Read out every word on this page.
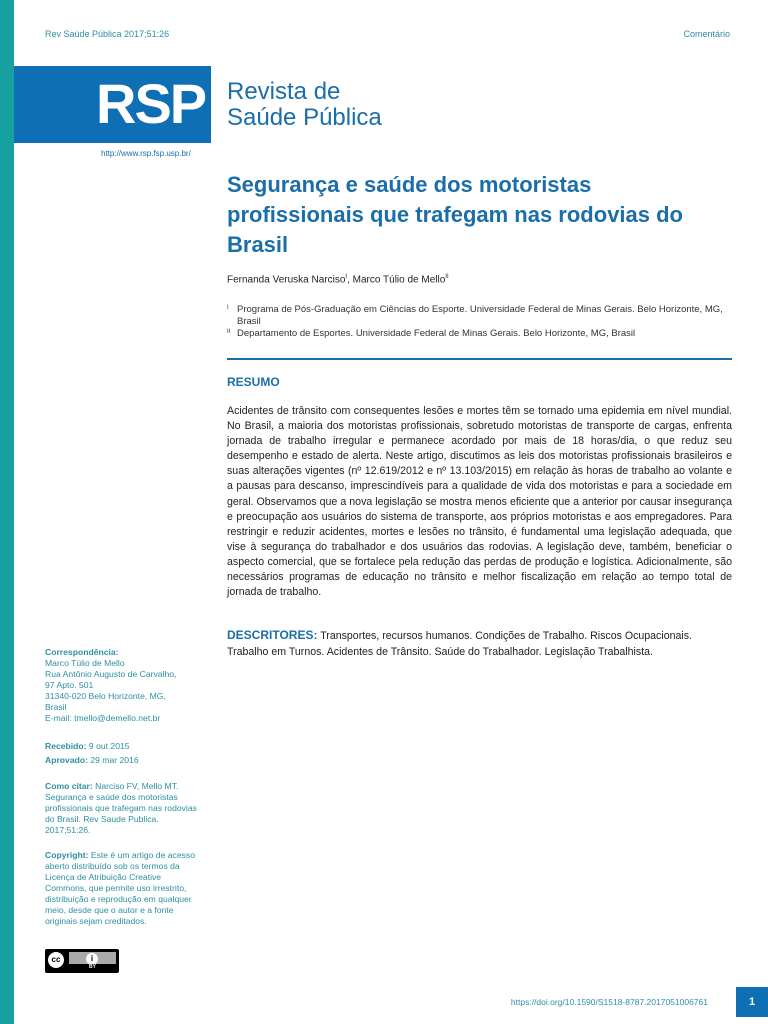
Rev Saúde Pública 2017;51:26	Comentário
RSP Revista de
Saúde Pública
http://www.rsp.fsp.usp.br/
Segurança e saúde dos motoristas profissionais que trafegam nas rodovias do Brasil
Fernanda Veruska Narciso$^I$, Marco Túlio de Mello$^{II}$
I Programa de Pós-Graduação em Ciências do Esporte. Universidade Federal de Minas Gerais. Belo Horizonte, MG, Brasil
II Departamento de Esportes. Universidade Federal de Minas Gerais. Belo Horizonte, MG, Brasil
RESUMO
Acidentes de trânsito com consequentes lesões e mortes têm se tornado uma epidemia em nível mundial. No Brasil, a maioria dos motoristas profissionais, sobretudo motoristas de transporte de cargas, enfrenta jornada de trabalho irregular e permanece acordado por mais de 18 horas/dia, o que reduz seu desempenho e estado de alerta. Neste artigo, discutimos as leis dos motoristas profissionais brasileiros e suas alterações vigentes (nº 12.619/2012 e nº 13.103/2015) em relação às horas de trabalho ao volante e a pausas para descanso, imprescindíveis para a qualidade de vida dos motoristas e para a sociedade em geral. Observamos que a nova legislação se mostra menos eficiente que a anterior por causar insegurança e preocupação aos usuários do sistema de transporte, aos próprios motoristas e aos empregadores. Para restringir e reduzir acidentes, mortes e lesões no trânsito, é fundamental uma legislação adequada, que vise à segurança do trabalhador e dos usuários das rodovias. A legislação deve, também, beneficiar o aspecto comercial, que se fortalece pela redução das perdas de produção e logística. Adicionalmente, são necessários programas de educação no trânsito e melhor fiscalização em relação ao tempo total de jornada de trabalho.
DESCRITORES: Transportes, recursos humanos. Condições de Trabalho. Riscos Ocupacionais. Trabalho em Turnos. Acidentes de Trânsito. Saúde do Trabalhador. Legislação Trabalhista.
Correspondência:
Marco Túlio de Mello
Rua Antônio Augusto de Carvalho,
97 Apto. 501
31340-020 Belo Horizonte, MG,
Brasil
E-mail: tmello@demello.net.br
Recebido: 9 out 2015
Aprovado: 29 mar 2016
Como citar: Narciso FV, Mello MT. Segurança e saúde dos motoristas profissionais que trafegam nas rodovias do Brasil. Rev Saude Publica. 2017;51:26.
Copyright: Este é um artigo de acesso aberto distribuído sob os termos da Licença de Atribuição Creative Commons, que permite uso irrestrito, distribuição e reprodução em qualquer meio, desde que o autor e a fonte originais sejam creditados.
cc	i
BY
https://doi.org/10.1590/S1518-8787.2017051006761	1
